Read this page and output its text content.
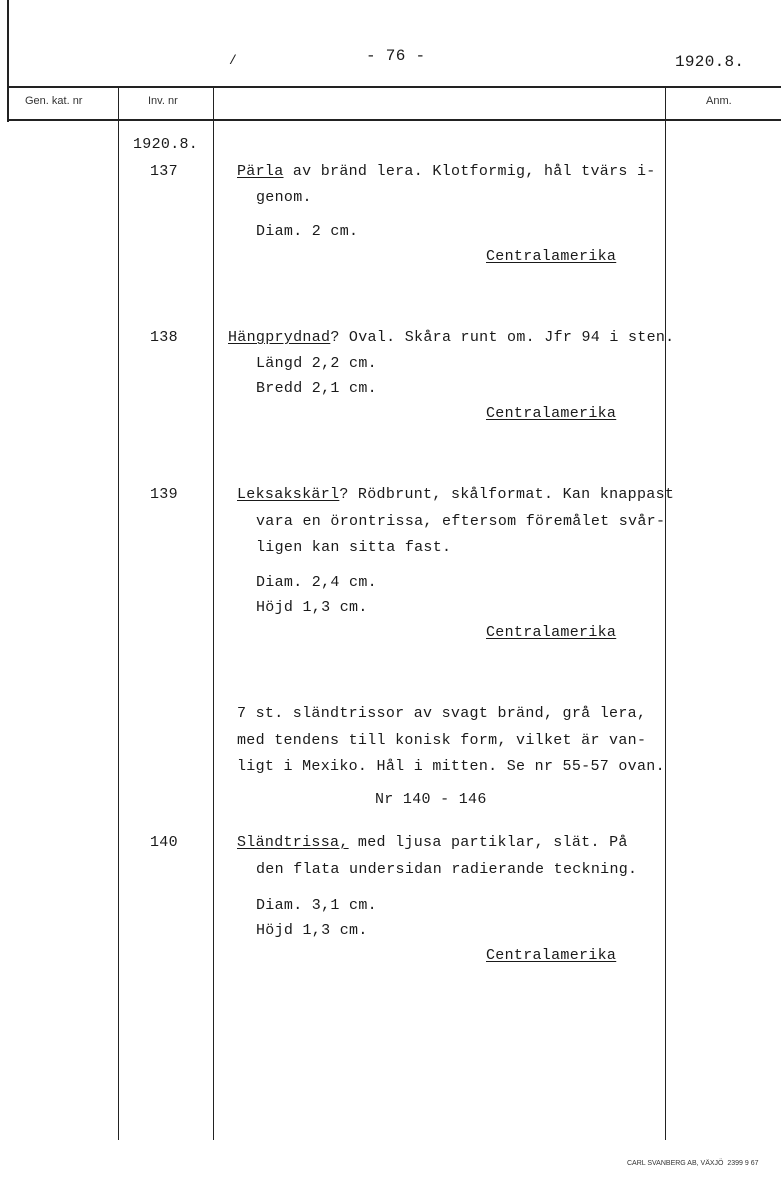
/	- 76 -	1920.8.
Gen. kat. nr	Inv. nr	Anm.
1920.8.
137	Pärla av bränd lera. Klotformig, hål tvärs i-
genom.
Diam. 2 cm.
Centralamerika
138	Hängprydnad? Oval. Skåra runt om. Jfr 94 i sten.
Längd 2,2 cm.
Bredd 2,1 cm.
Centralamerika
139	Leksakskärl? Rödbrunt, skålformat. Kan knappast
vara en örontrissa, eftersom föremålet svår-
ligen kan sitta fast.
Diam. 2,4 cm.
Höjd 1,3 cm.
Centralamerika
7 st. sländtrissor av svagt bränd, grå lera,
med tendens till konisk form, vilket är van-
ligt i Mexiko. Hål i mitten. Se nr 55-57 ovan.
Nr 140 - 146
140	Sländtrissa, med ljusa partiklar, slät. På
den flata undersidan radierande teckning.
Diam. 3,1 cm.
Höjd 1,3 cm.
Centralamerika
CARL SVANBERG AB, VÄXJÖ  2399 9 67
